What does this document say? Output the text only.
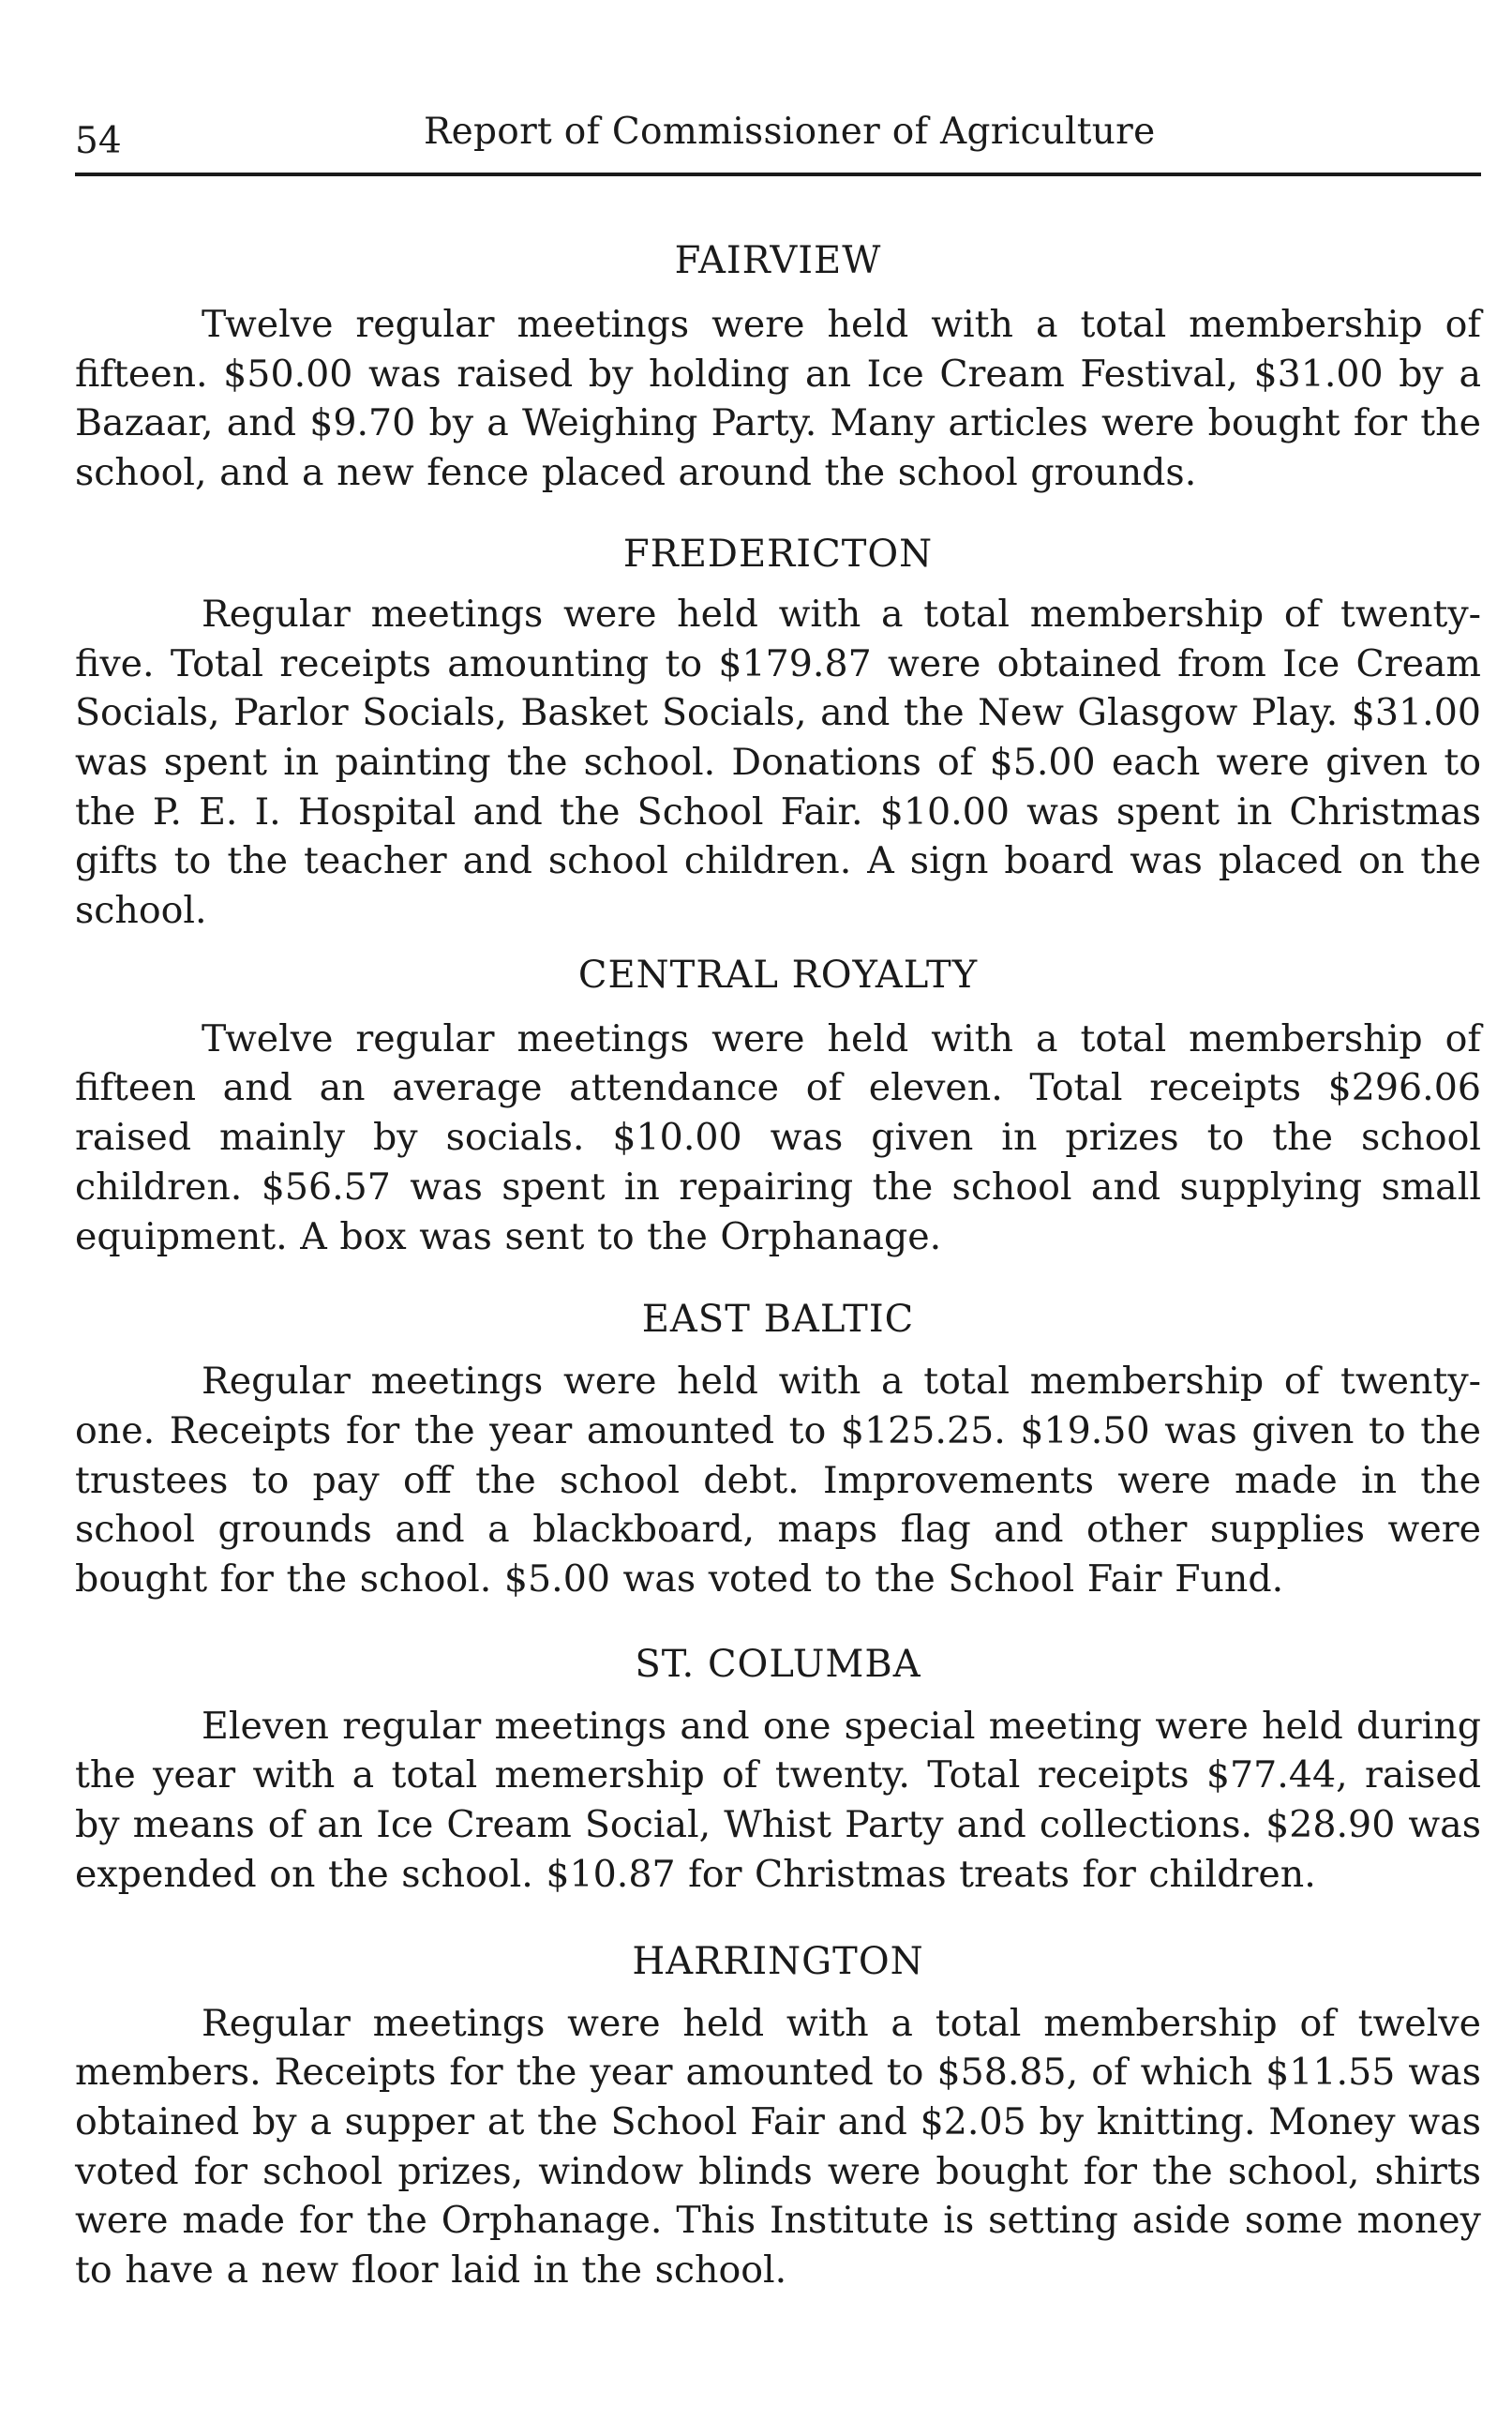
54	Report of Commissioner of Agriculture
FAIRVIEW

Twelve regular meetings were held with a total membership of fifteen. $50.00 was raised by holding an Ice Cream Festival, $31.00 by a Bazaar, and $9.70 by a Weighing Party. Many articles were bought for the school, and a new fence placed around the school grounds.

FREDERICTON

Regular meetings were held with a total membership of twenty-five. Total receipts amounting to $179.87 were obtained from Ice Cream Socials, Parlor Socials, Basket Socials, and the New Glasgow Play. $31.00 was spent in painting the school. Donations of $5.00 each were given to the P. E. I. Hospital and the School Fair. $10.00 was spent in Christmas gifts to the teacher and school children. A sign board was placed on the school.

CENTRAL ROYALTY

Twelve regular meetings were held with a total membership of fifteen and an average attendance of eleven. Total receipts $296.06 raised mainly by socials. $10.00 was given in prizes to the school children. $56.57 was spent in repairing the school and supplying small equipment. A box was sent to the Orphanage.

EAST BALTIC

Regular meetings were held with a total membership of twenty-one. Receipts for the year amounted to $125.25. $19.50 was given to the trustees to pay off the school debt. Improvements were made in the school grounds and a blackboard, maps flag and other supplies were bought for the school. $5.00 was voted to the School Fair Fund.

ST. COLUMBA

Eleven regular meetings and one special meeting were held during the year with a total memership of twenty. Total receipts $77.44, raised by means of an Ice Cream Social, Whist Party and collections. $28.90 was expended on the school. $10.87 for Christmas treats for children.

HARRINGTON

Regular meetings were held with a total membership of twelve members. Receipts for the year amounted to $58.85, of which $11.55 was obtained by a supper at the School Fair and $2.05 by knitting. Money was voted for school prizes, window blinds were bought for the school, shirts were made for the Orphanage. This Institute is setting aside some money to have a new floor laid in the school.
